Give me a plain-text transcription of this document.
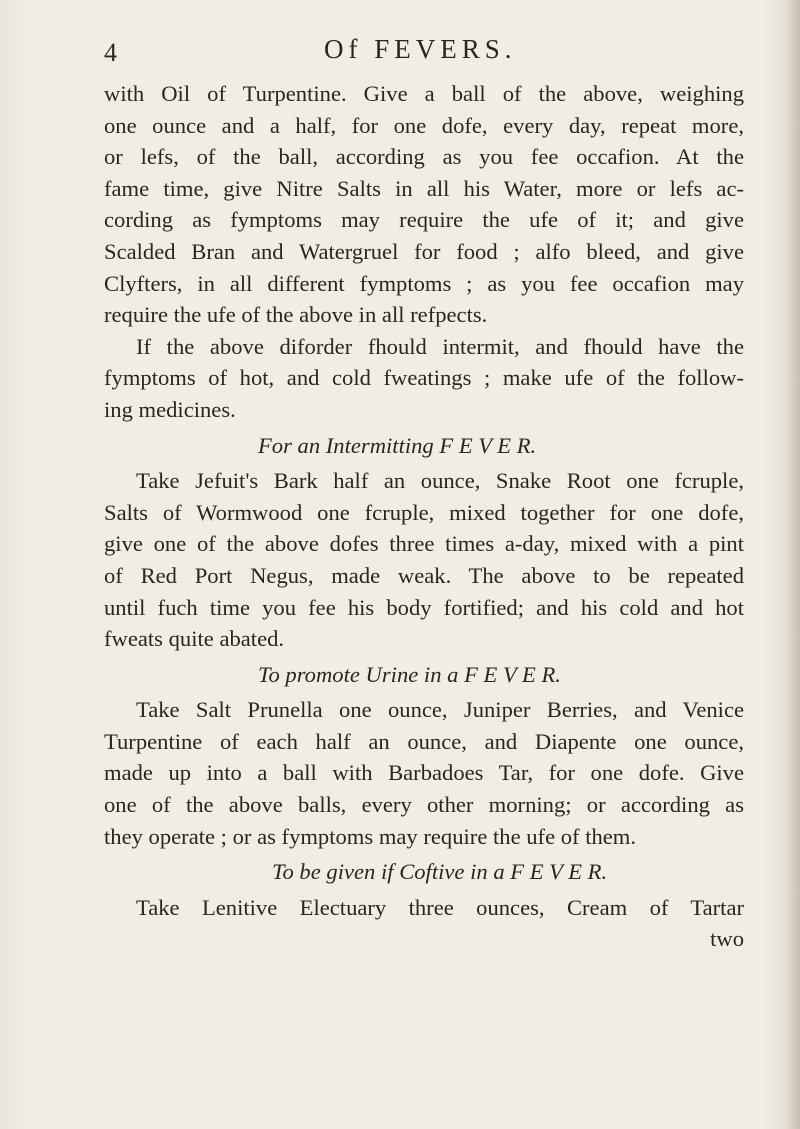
4	Of FEVERS.
with Oil of Turpentine. Give a ball of the above, weighing
one ounce and a half, for one dofe, every day, repeat more,
or lefs, of the ball, according as you fee occafion. At the
fame time, give Nitre Salts in all his Water, more or lefs ac-
cording as fymptoms may require the ufe of it; and give
Scalded Bran and Watergruel for food ; alfo bleed, and give
Clyfters, in all different fymptoms ; as you fee occafion may
require the ufe of the above in all refpects.
If the above diforder fhould intermit, and fhould have the
fymptoms of hot, and cold fweatings ; make ufe of the follow-
ing medicines.
For an Intermitting F E V E R.
Take Jefuit's Bark half an ounce, Snake Root one fcruple,
Salts of Wormwood one fcruple, mixed together for one dofe,
give one of the above dofes three times a-day, mixed with a pint
of Red Port Negus, made weak. The above to be repeated
until fuch time you fee his body fortified; and his cold and hot
fweats quite abated.
To promote Urine in a F E V E R.
Take Salt Prunella one ounce, Juniper Berries, and Venice
Turpentine of each half an ounce, and Diapente one ounce,
made up into a ball with Barbadoes Tar, for one dofe. Give
one of the above balls, every other morning; or according as
they operate ; or as fymptoms may require the ufe of them.
To be given if Coftive in a F E V E R.
Take Lenitive Electuary three ounces, Cream of Tartar
two
